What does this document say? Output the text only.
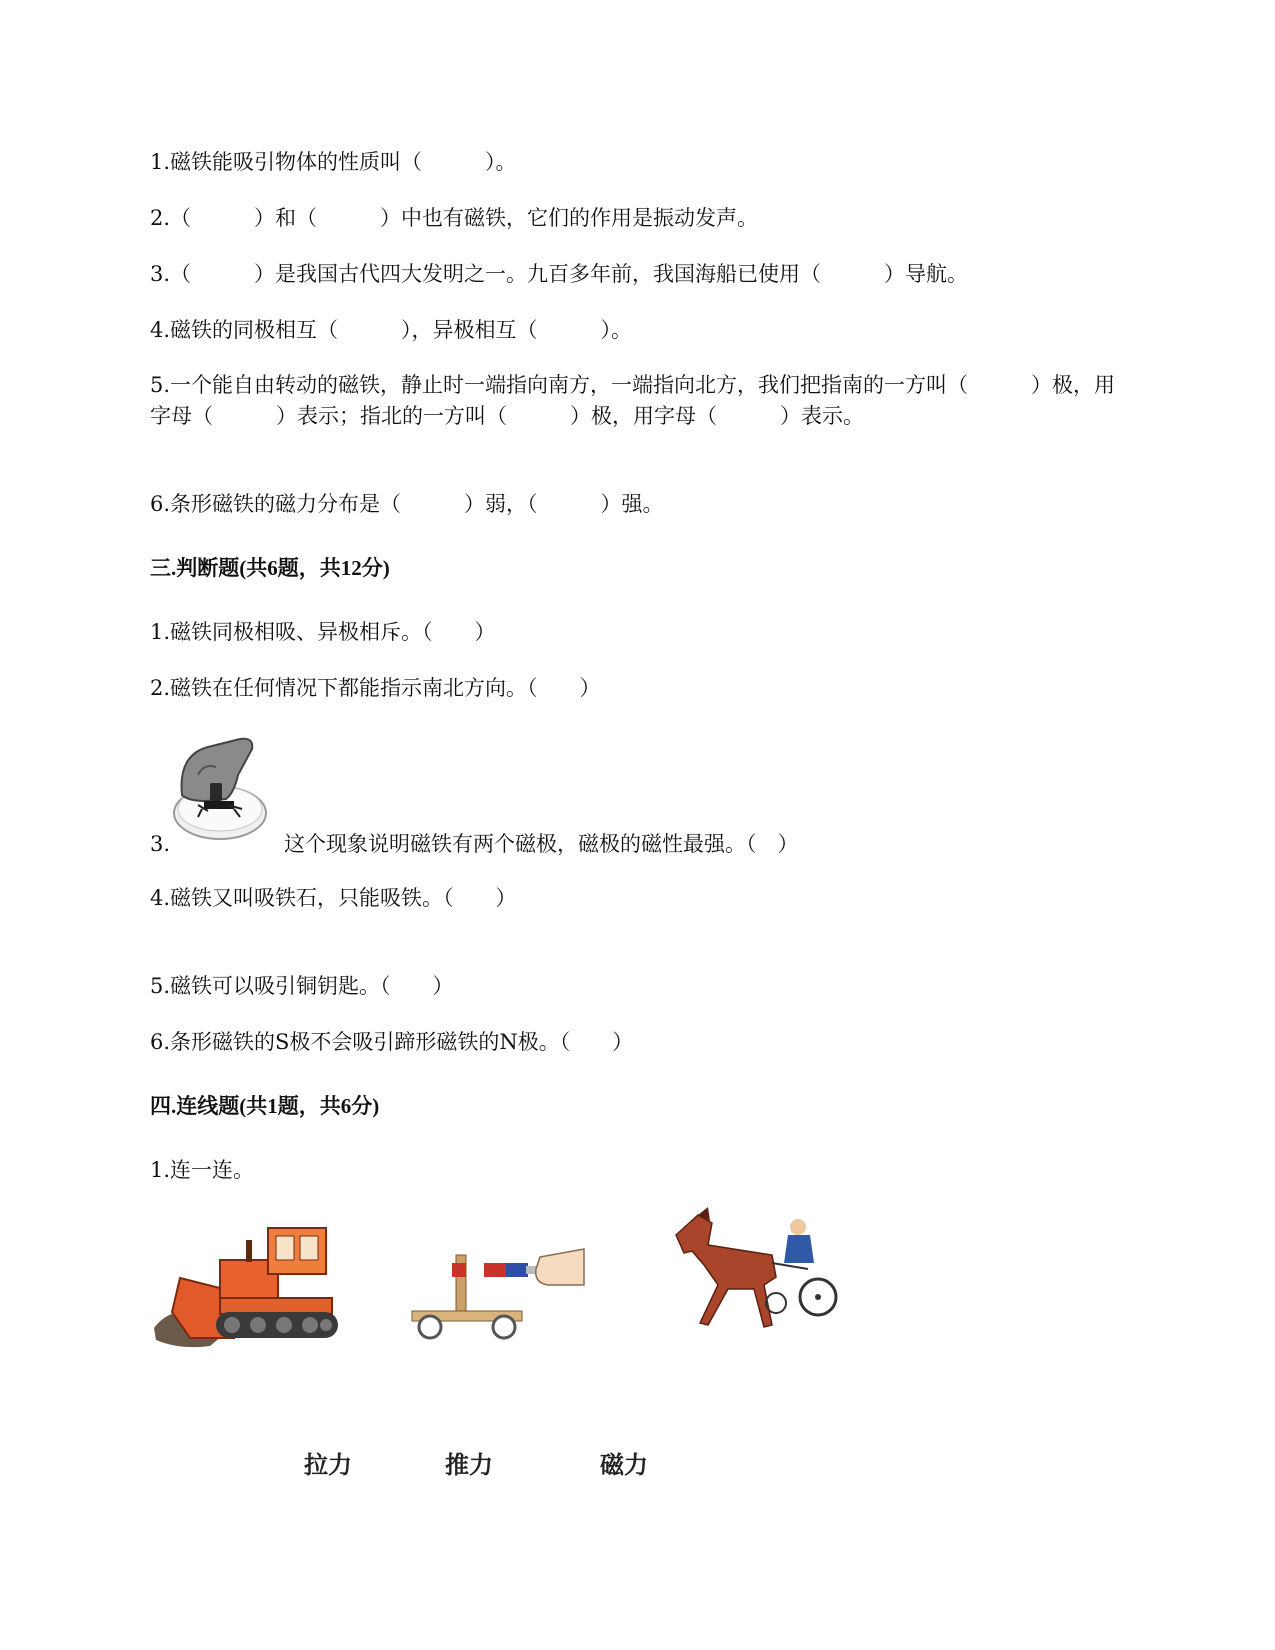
1.磁铁能吸引物体的性质叫（　　　）。

2.（　　　）和（　　　）中也有磁铁，它们的作用是振动发声。

3.（　　　）是我国古代四大发明之一。九百多年前，我国海船已使用（　　　）导航。

4.磁铁的同极相互（　　　），异极相互（　　　）。

5.一个能自由转动的磁铁，静止时一端指向南方，一端指向北方，我们把指南的一方叫（　　　）极，用字母（　　　）表示；指北的一方叫（　　　）极，用字母（　　　）表示。

6.条形磁铁的磁力分布是（　　　）弱，（　　　）强。

三.判断题(共6题，共12分)

1.磁铁同极相吸、异极相斥。（　　）

2.磁铁在任何情况下都能指示南北方向。（　　）

3.	这个现象说明磁铁有两个磁极，磁极的磁性最强。（　）

4.磁铁又叫吸铁石，只能吸铁。（　　）

5.磁铁可以吸引铜钥匙。（　　）

6.条形磁铁的S极不会吸引蹄形磁铁的N极。（　　）

四.连线题(共1题，共6分)

1.连一连。

拉力	推力	磁力
